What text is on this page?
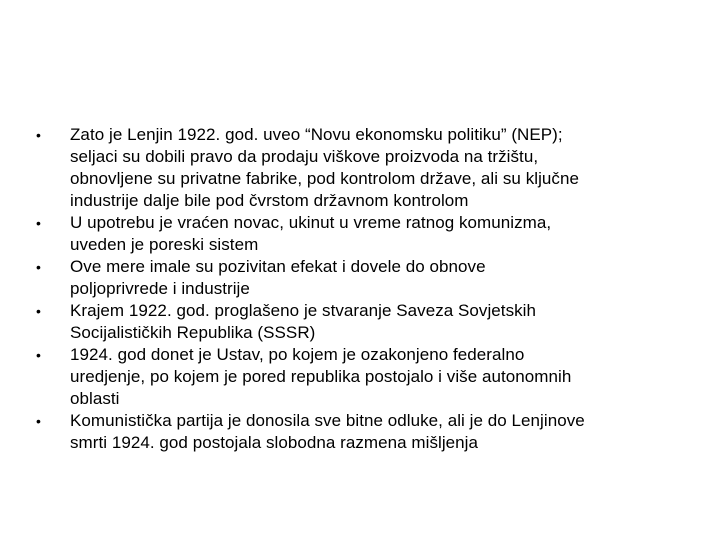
•	Zato je Lenjin 1922. god. uveo “Novu ekonomsku politiku” (NEP);
seljaci su dobili pravo da prodaju viškove proizvoda na tržištu,
obnovljene su privatne fabrike, pod kontrolom države, ali su ključne
industrije dalje bile pod čvrstom državnom kontrolom
•	U upotrebu je vraćen novac, ukinut u vreme ratnog komunizma,
uveden je poreski sistem
•	Ove mere imale su pozivitan efekat i dovele do obnove
poljoprivrede i industrije
•	Krajem 1922. god. proglašeno je stvaranje Saveza Sovjetskih
Socijalističkih Republika (SSSR)
•	1924. god donet je Ustav, po kojem je ozakonjeno federalno
uredjenje, po kojem je pored republika postojalo i više autonomnih
oblasti
•	Komunistička partija je donosila sve bitne odluke, ali je do Lenjinove
smrti 1924. god postojala slobodna razmena mišljenja
